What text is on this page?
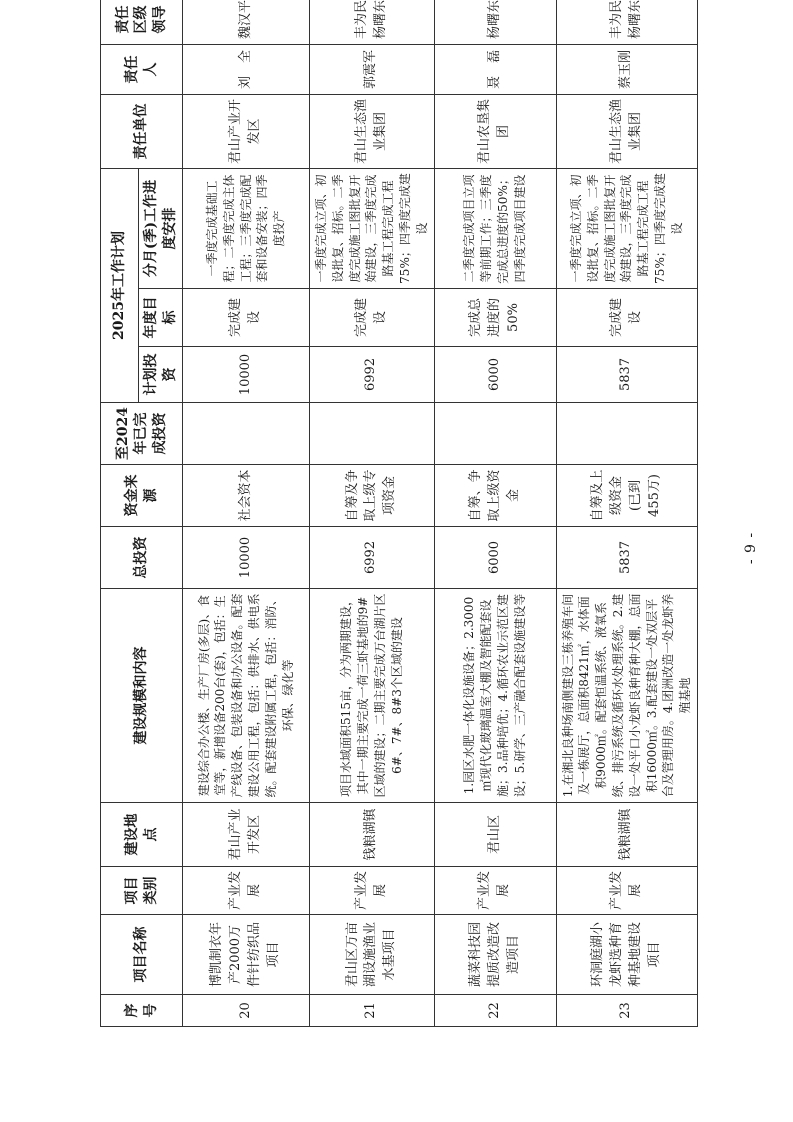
序号	项目名称	项目类别	建设地点	建设规模和内容	总投资	资金来源	至2024年已完成投资	2025年工作计划			责任单位	责任人	责任区级领导
								计划投资	年度目标	分月(季)工作进度安排			
20	博凯制衣年产2000万件针纺织品项目	产业发展	君山产业开发区	建设综合办公楼、生产厂房(多层)、食堂等，新增设备200台(套)，包括：生产线设备、包装设备和办公设备。配套建设公用工程，包括：供排水、供电系统。配套建设附属工程，包括：消防、环保、绿化等	10000	社会资本		10000	完成建设	一季度完成基础工程；二季度完成主体工程；三季度完成配套和设备安装；四季度投产	君山产业开发区	刘　全	魏汉平
21	君山区万亩湖设施渔业水基项目	产业发展	钱粮湖镇	项目水域面积515亩，分为两期建设，其中一期主要完成一荷三虾基地的9#区域的建设；二期主要完成万台湖片区6#、7#、8#3个区域的建设	6992	自筹及争取上级专项资金		6992	完成建设	一季度完成立项、初设批复、招标。二季度完成施工图批复开始建设，三季度完成路基工程完成工程75%；四季度完成建设	君山生态渔业集团	郭震军	丰为民 杨曙东
22	蔬菜科技园提质改造改造项目	产业发展	君山区	1.园区水肥一体化设施设备；2.3000㎡现代化玻璃温室大棚及智能配套设施；3.品种培优；4.循环农业示范区建设；5.研学、三产融合配套设施建设等	6000	自筹、争取上级资金		6000	完成总进度的50%	二季度完成项目立项等前期工作；三季度完成总进度的50%；四季度完成项目建设	君山农垦集团	聂　磊	杨曙东
23	环洞庭湖小龙虾选种育种基地建设项目	产业发展	钱粮湖镇	1.在湘北良种场南侧建设三栋养殖车间及一栋展厅，总面积8421㎡，水体面积9000㎡。配套恒温系统、液氧系统、排污系统及循环水处理系统。2.建设一处平口小龙虾良种育种大棚，总面积16000㎡。3.配套建设一处双层平台及管理用房。4.团洲改造一处龙虾养殖基地	5837	自筹及上级资金(已到455万)		5837	完成建设	一季度完成立项、初设批复、招标。二季度完成施工图批复开始建设，三季度完成路基工程完成工程75%；四季度完成建设	君山生态渔业集团	蔡玉刚	丰为民 杨曙东
- 9 -
